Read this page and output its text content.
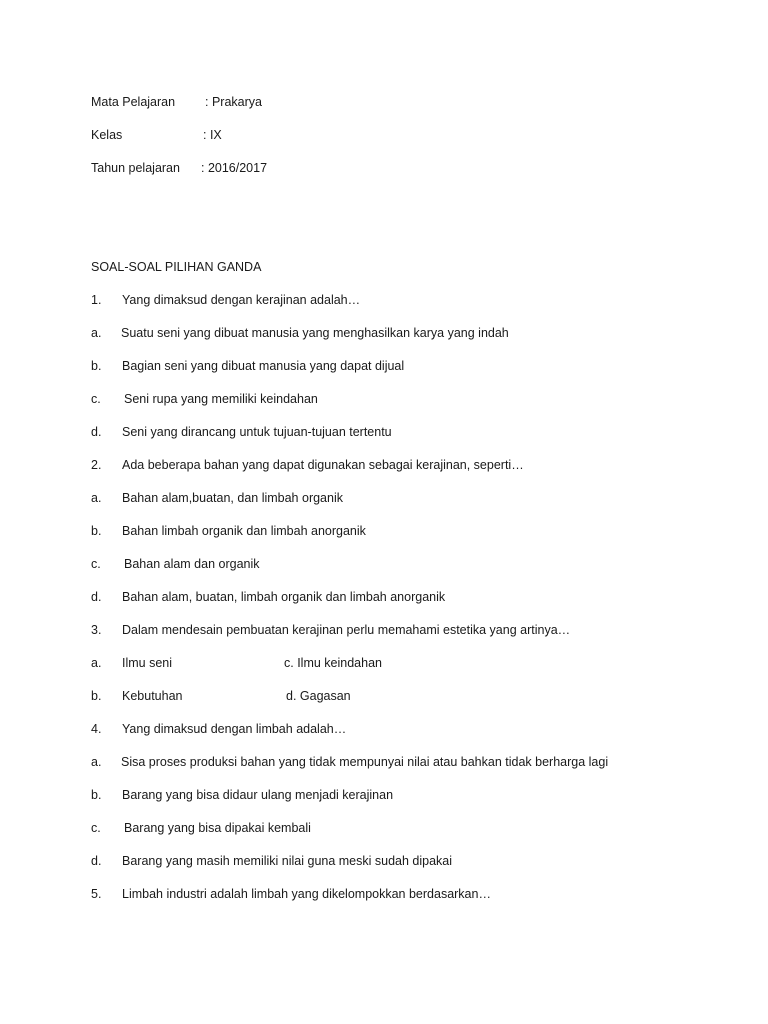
Mata Pelajaran : Prakarya
Kelas	: IX
Tahun pelajaran : 2016/2017
SOAL-SOAL PILIHAN GANDA
1. Yang dimaksud dengan kerajinan adalah…
a. Suatu seni yang dibuat manusia yang menghasilkan karya yang indah
b. Bagian seni yang dibuat manusia yang dapat dijual
c. Seni rupa yang memiliki keindahan
d. Seni yang dirancang untuk tujuan-tujuan tertentu
2. Ada beberapa bahan yang dapat digunakan sebagai kerajinan, seperti…
a. Bahan alam,buatan, dan limbah organik
b. Bahan limbah organik dan limbah anorganik
c. Bahan alam dan organik
d. Bahan alam, buatan, limbah organik dan limbah anorganik
3. Dalam mendesain pembuatan kerajinan perlu memahami estetika yang artinya…
a. Ilmu seni	c. Ilmu keindahan
b. Kebutuhan	d. Gagasan
4. Yang dimaksud dengan limbah adalah…
a. Sisa proses produksi bahan yang tidak mempunyai nilai atau bahkan tidak berharga lagi
b. Barang yang bisa didaur ulang menjadi kerajinan
c. Barang yang bisa dipakai kembali
d. Barang yang masih memiliki nilai guna meski sudah dipakai
5. Limbah industri adalah limbah yang dikelompokkan berdasarkan…
